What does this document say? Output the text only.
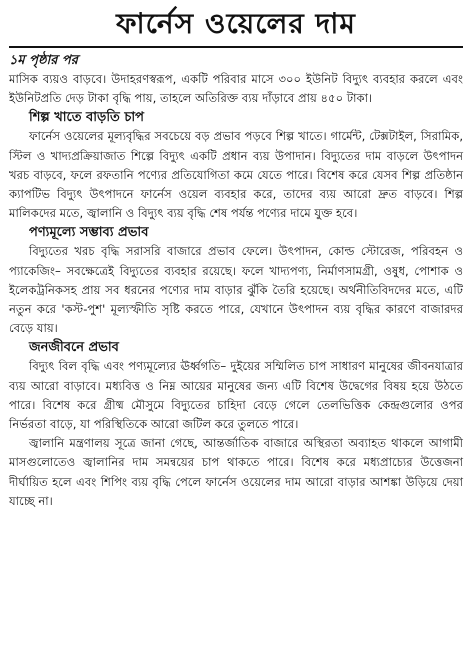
ফার্নেস ওয়েলের দাম

১ম পৃষ্ঠার পর

মাসিক ব্যয়ও বাড়বে। উদাহরণস্বরূপ, একটি পরিবার মাসে ৩০০ ইউনিট বিদ্যুৎ ব্যবহার করলে এবং ইউনিটপ্রতি দেড় টাকা বৃদ্ধি পায়, তাহলে অতিরিক্ত ব্যয় দাঁড়াবে প্রায় ৪৫০ টাকা।

শিল্প খাতে বাড়তি চাপ

ফার্নেস ওয়েলের মূল্যবৃদ্ধির সবচেয়ে বড় প্রভাব পড়বে শিল্প খাতে। গার্মেন্ট, টেক্সটাইল, সিরামিক, স্টিল ও খাদ্যপ্রক্রিয়াজাত শিল্পে বিদ্যুৎ একটি প্রধান ব্যয় উপাদান। বিদ্যুতের দাম বাড়লে উৎপাদন খরচ বাড়বে, ফলে রফতানি পণ্যের প্রতিযোগিতা কমে যেতে পারে। বিশেষ করে যেসব শিল্প প্রতিষ্ঠান ক্যাপটিভ বিদ্যুৎ উৎপাদনে ফার্নেস ওয়েল ব্যবহার করে, তাদের ব্যয় আরো দ্রুত বাড়বে। শিল্প মালিকদের মতে, জ্বালানি ও বিদ্যুৎ ব্যয় বৃদ্ধি শেষ পর্যন্ত পণ্যের দামে যুক্ত হবে।

পণ্যমূল্যে সম্ভাব্য প্রভাব

বিদ্যুতের খরচ বৃদ্ধি সরাসরি বাজারে প্রভাব ফেলে। উৎপাদন, কোল্ড স্টোরেজ, পরিবহন ও প্যাকেজিং– সবক্ষেত্রেই বিদ্যুতের ব্যবহার রয়েছে। ফলে খাদ্যপণ্য, নির্মাণসামগ্রী, ওষুধ, পোশাক ও ইলেকট্রনিকসহ প্রায় সব ধরনের পণ্যের দাম বাড়ার ঝুঁকি তৈরি হয়েছে। অর্থনীতিবিদদের মতে, এটি নতুন করে 'কস্ট-পুশ' মূল্যস্ফীতি সৃষ্টি করতে পারে, যেখানে উৎপাদন ব্যয় বৃদ্ধির কারণে বাজারদর বেড়ে যায়।

জনজীবনে প্রভাব

বিদ্যুৎ বিল বৃদ্ধি এবং পণ্যমূল্যের ঊর্ধ্বগতি– দুইয়ের সম্মিলিত চাপ সাধারণ মানুষের জীবনযাত্রার ব্যয় আরো বাড়াবে। মধ্যবিত্ত ও নিম্ন আয়ের মানুষের জন্য এটি বিশেষ উদ্বেগের বিষয় হয়ে উঠতে পারে। বিশেষ করে গ্রীষ্ম মৌসুমে বিদ্যুতের চাহিদা বেড়ে গেলে তেলভিত্তিক কেন্দ্রগুলোর ওপর নির্ভরতা বাড়ে, যা পরিস্থিতিকে আরো জটিল করে তুলতে পারে।

জ্বালানি মন্ত্রণালয় সূত্রে জানা গেছে, আন্তর্জাতিক বাজারে অস্থিরতা অব্যাহত থাকলে আগামী মাসগুলোতেও জ্বালানির দাম সমন্বয়ের চাপ থাকতে পারে। বিশেষ করে মধ্যপ্রাচ্যের উত্তেজনা দীর্ঘায়িত হলে এবং শিপিং ব্যয় বৃদ্ধি পেলে ফার্নেস ওয়েলের দাম আরো বাড়ার আশঙ্কা উড়িয়ে দেয়া যাচ্ছে না।
